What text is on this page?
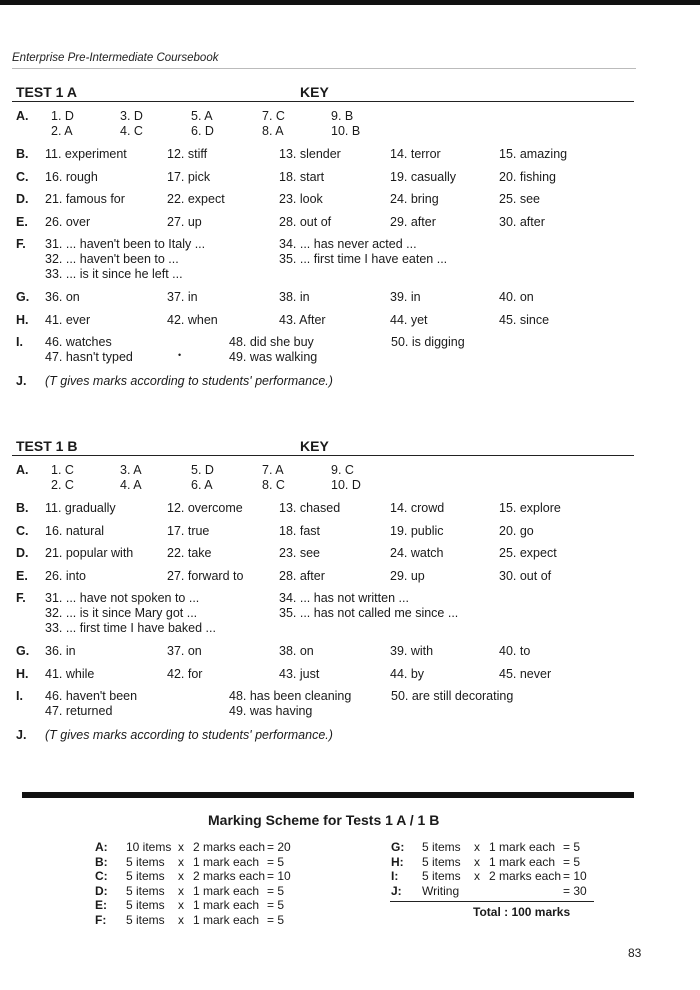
Enterprise Pre-Intermediate Coursebook
TEST 1 A	KEY
A. 1. D	3. D	5. A	7. C	9. B
2. A	4. C	6. D	8. A	10. B
B. 11. experiment	12. stiff	13. slender	14. terror	15. amazing
C. 16. rough	17. pick	18. start	19. casually	20. fishing
D. 21. famous for	22. expect	23. look	24. bring	25. see
E. 26. over	27. up	28. out of	29. after	30. after
F. 31. ... haven't been to Italy ...
32. ... haven't been to ...
33. ... is it since he left ...
34. ... has never acted ...
35. ... first time I have eaten ...
G. 36. on	37. in	38. in	39. in	40. on
H. 41. ever	42. when	43. After	44. yet	45. since
I. 46. watches
47. hasn't typed
48. did she buy
49. was walking
50. is digging
•
J. (T gives marks according to students' performance.)
TEST 1 B	KEY
A. 1. C	3. A	5. D	7. A	9. C
2. C	4. A	6. A	8. C	10. D
B. 11. gradually	12. overcome	13. chased	14. crowd	15. explore
C. 16. natural	17. true	18. fast	19. public	20. go
D. 21. popular with	22. take	23. see	24. watch	25. expect
E. 26. into	27. forward to	28. after	29. up	30. out of
F. 31. ... have not spoken to ...
32. ... is it since Mary got ...
33. ... first time I have baked ...
34. ... has not written ...
35. ... has not called me since ...
G. 36. in	37. on	38. on	39. with	40. to
H. 41. while	42. for	43. just	44. by	45. never
I. 46. haven't been
47. returned
48. has been cleaning
49. was having
50. are still decorating
J. (T gives marks according to students' performance.)
Marking Scheme for Tests 1 A / 1 B
A: 10 items x 2 marks each = 20
B: 5 items x 1 mark each = 5
C: 5 items x 2 marks each = 10
D: 5 items x 1 mark each = 5
E: 5 items x 1 mark each = 5
F: 5 items x 1 mark each = 5
G: 5 items x 1 mark each = 5
H: 5 items x 1 mark each = 5
I: 5 items x 2 marks each = 10
J: Writing	= 30
Total : 100 marks
83
